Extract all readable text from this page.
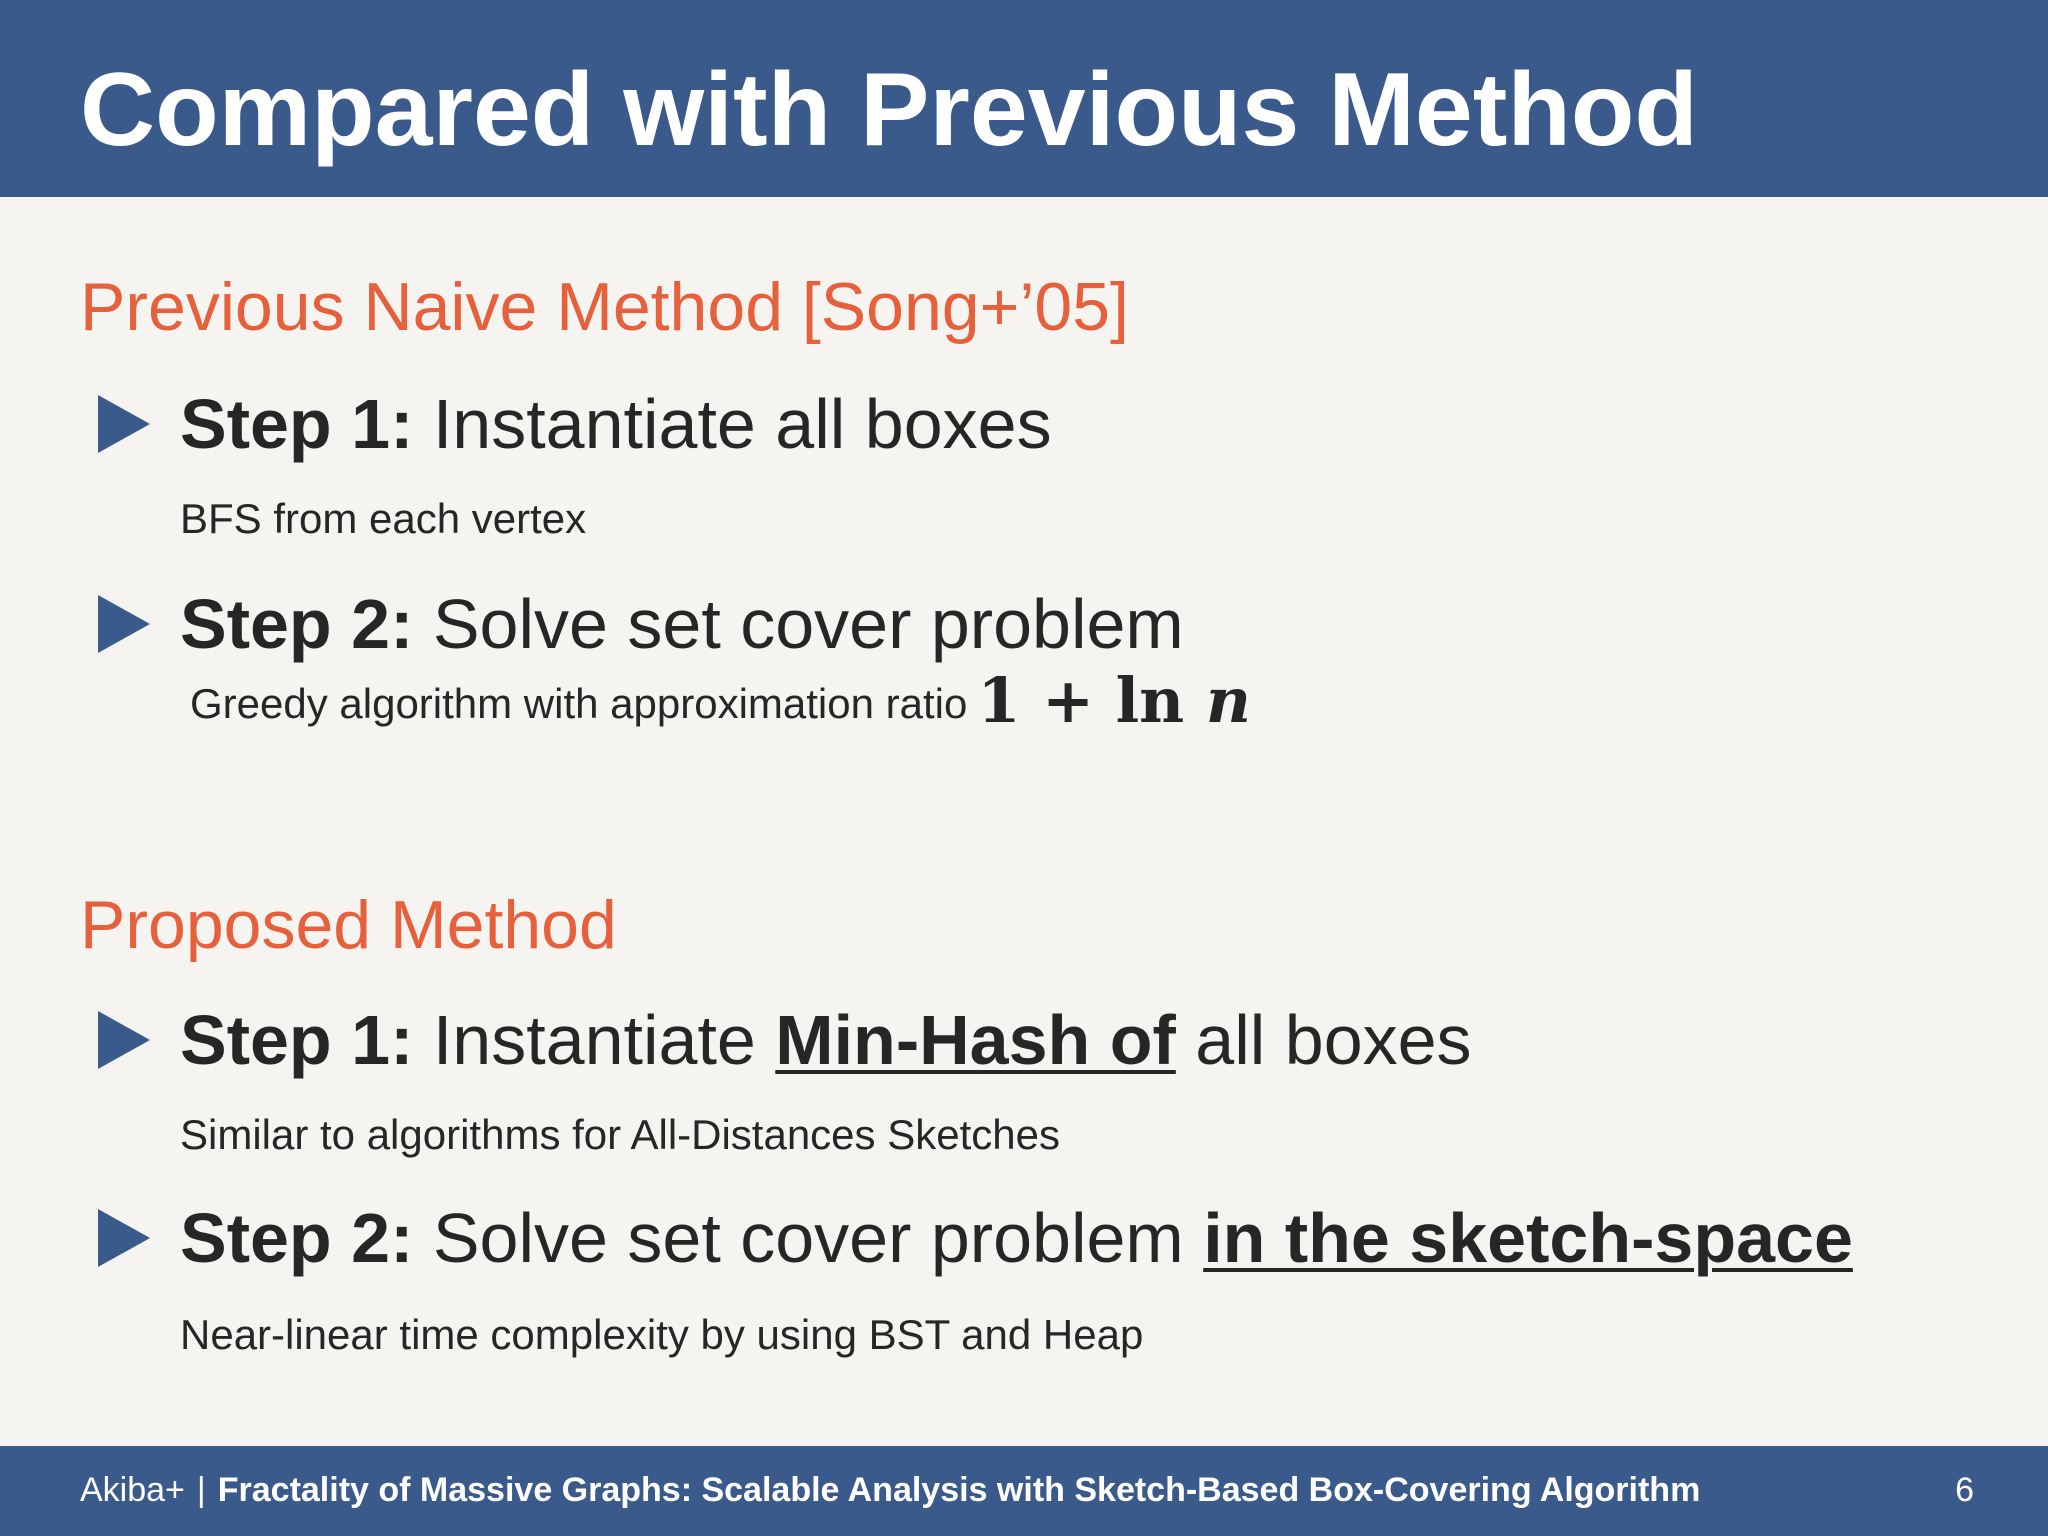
Compared with Previous Method
Previous Naive Method [Song+’05]

Step 1: Instantiate all boxes

BFS from each vertex

Step 2: Solve set cover problem

Greedy algorithm with approximation ratio 1 + ln n

Proposed Method

Step 1: Instantiate Min-Hash of all boxes

Similar to algorithms for All-Distances Sketches

Step 2: Solve set cover problem in the sketch-space

Near-linear time complexity by using BST and Heap

Akiba+ | Fractality of Massive Graphs: Scalable Analysis with Sketch-Based Box-Covering Algorithm	6
